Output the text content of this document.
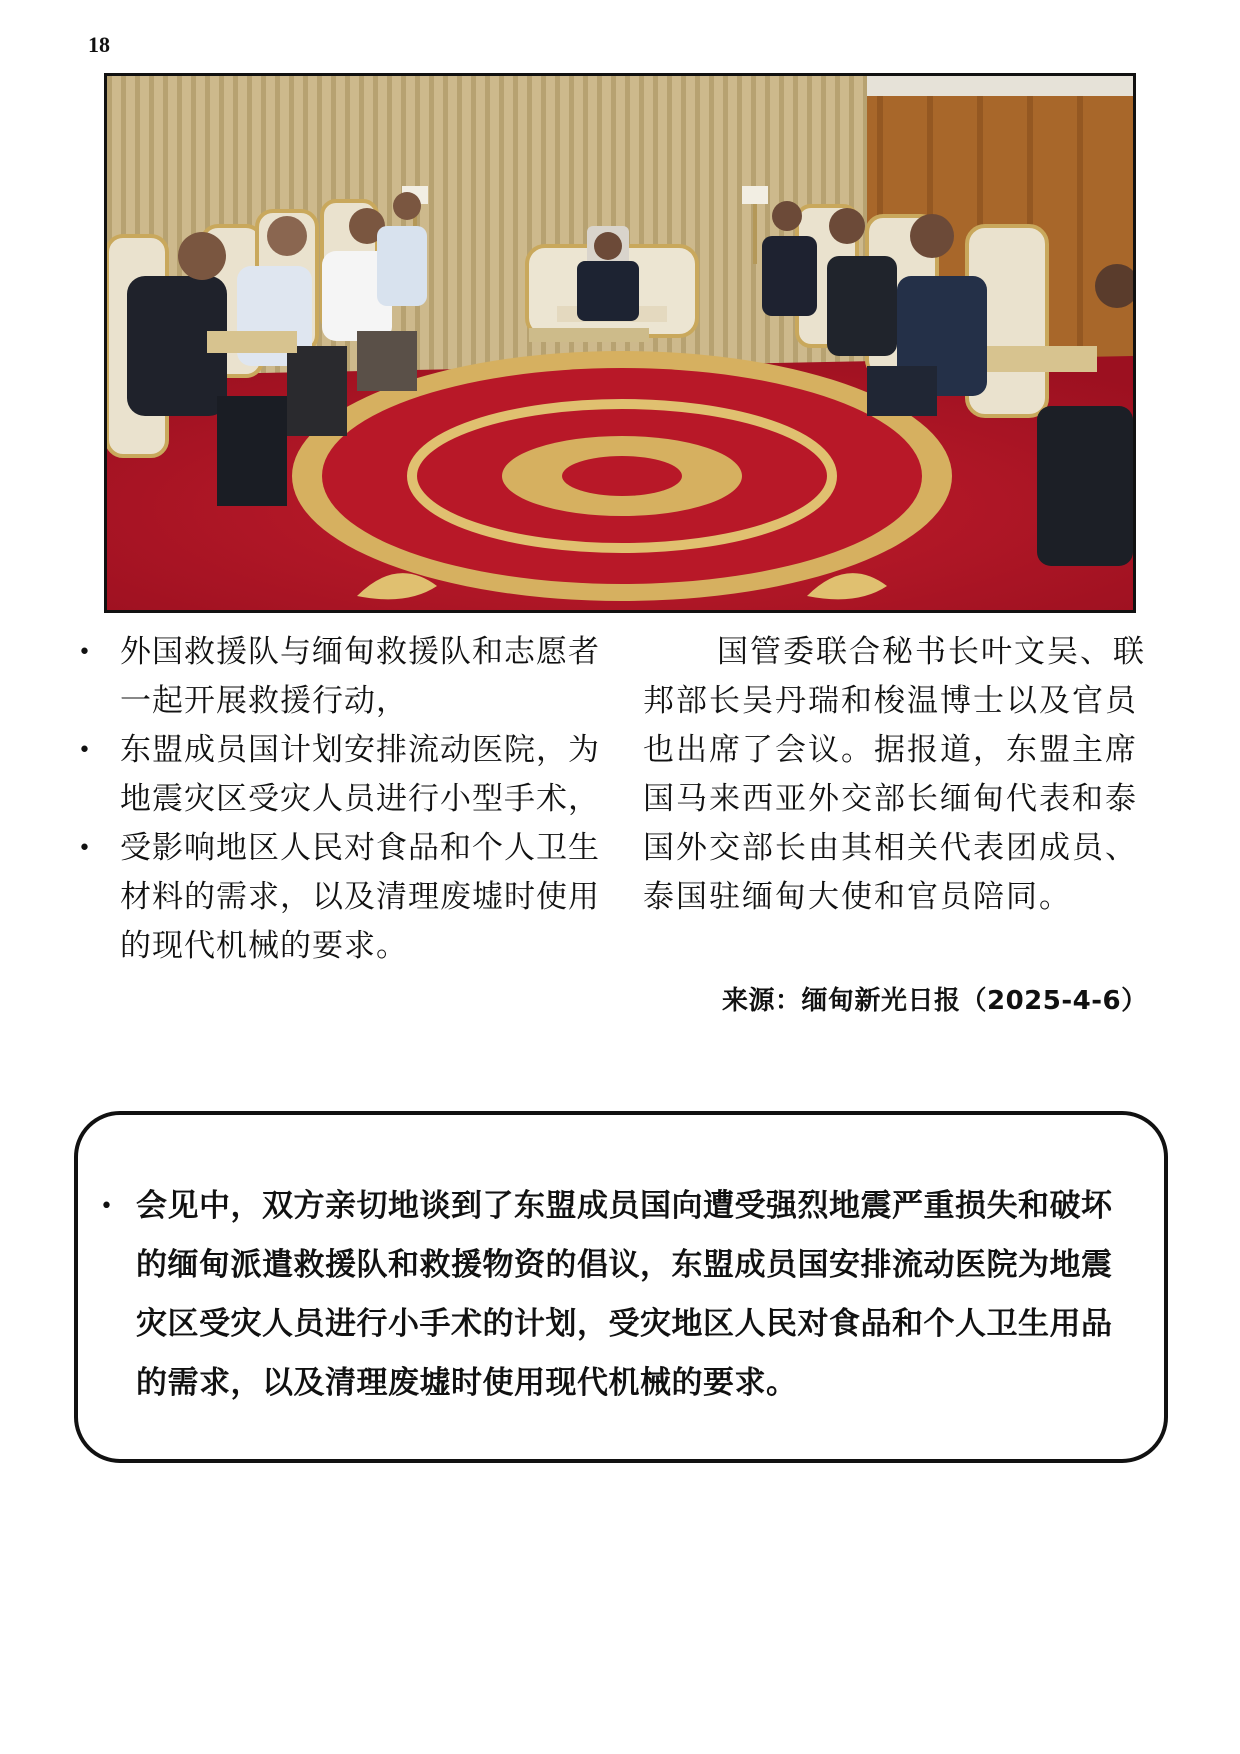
18
• 外国救援队与缅甸救援队和志愿者一起开展救援行动，
• 东盟成员国计划安排流动医院，为地震灾区受灾人员进行小型手术，
• 受影响地区人民对食品和个人卫生材料的需求，以及清理废墟时使用的现代机械的要求。

国管委联合秘书长叶文吴、联邦部长吴丹瑞和梭温博士以及官员也出席了会议。据报道，东盟主席国马来西亚外交部长缅甸代表和泰国外交部长由其相关代表团成员、泰国驻缅甸大使和官员陪同。

来源：缅甸新光日报（2025-4-6）
• 会见中，双方亲切地谈到了东盟成员国向遭受强烈地震严重损失和破坏的缅甸派遣救援队和救援物资的倡议，东盟成员国安排流动医院为地震灾区受灾人员进行小手术的计划，受灾地区人民对食品和个人卫生用品的需求，以及清理废墟时使用现代机械的要求。
